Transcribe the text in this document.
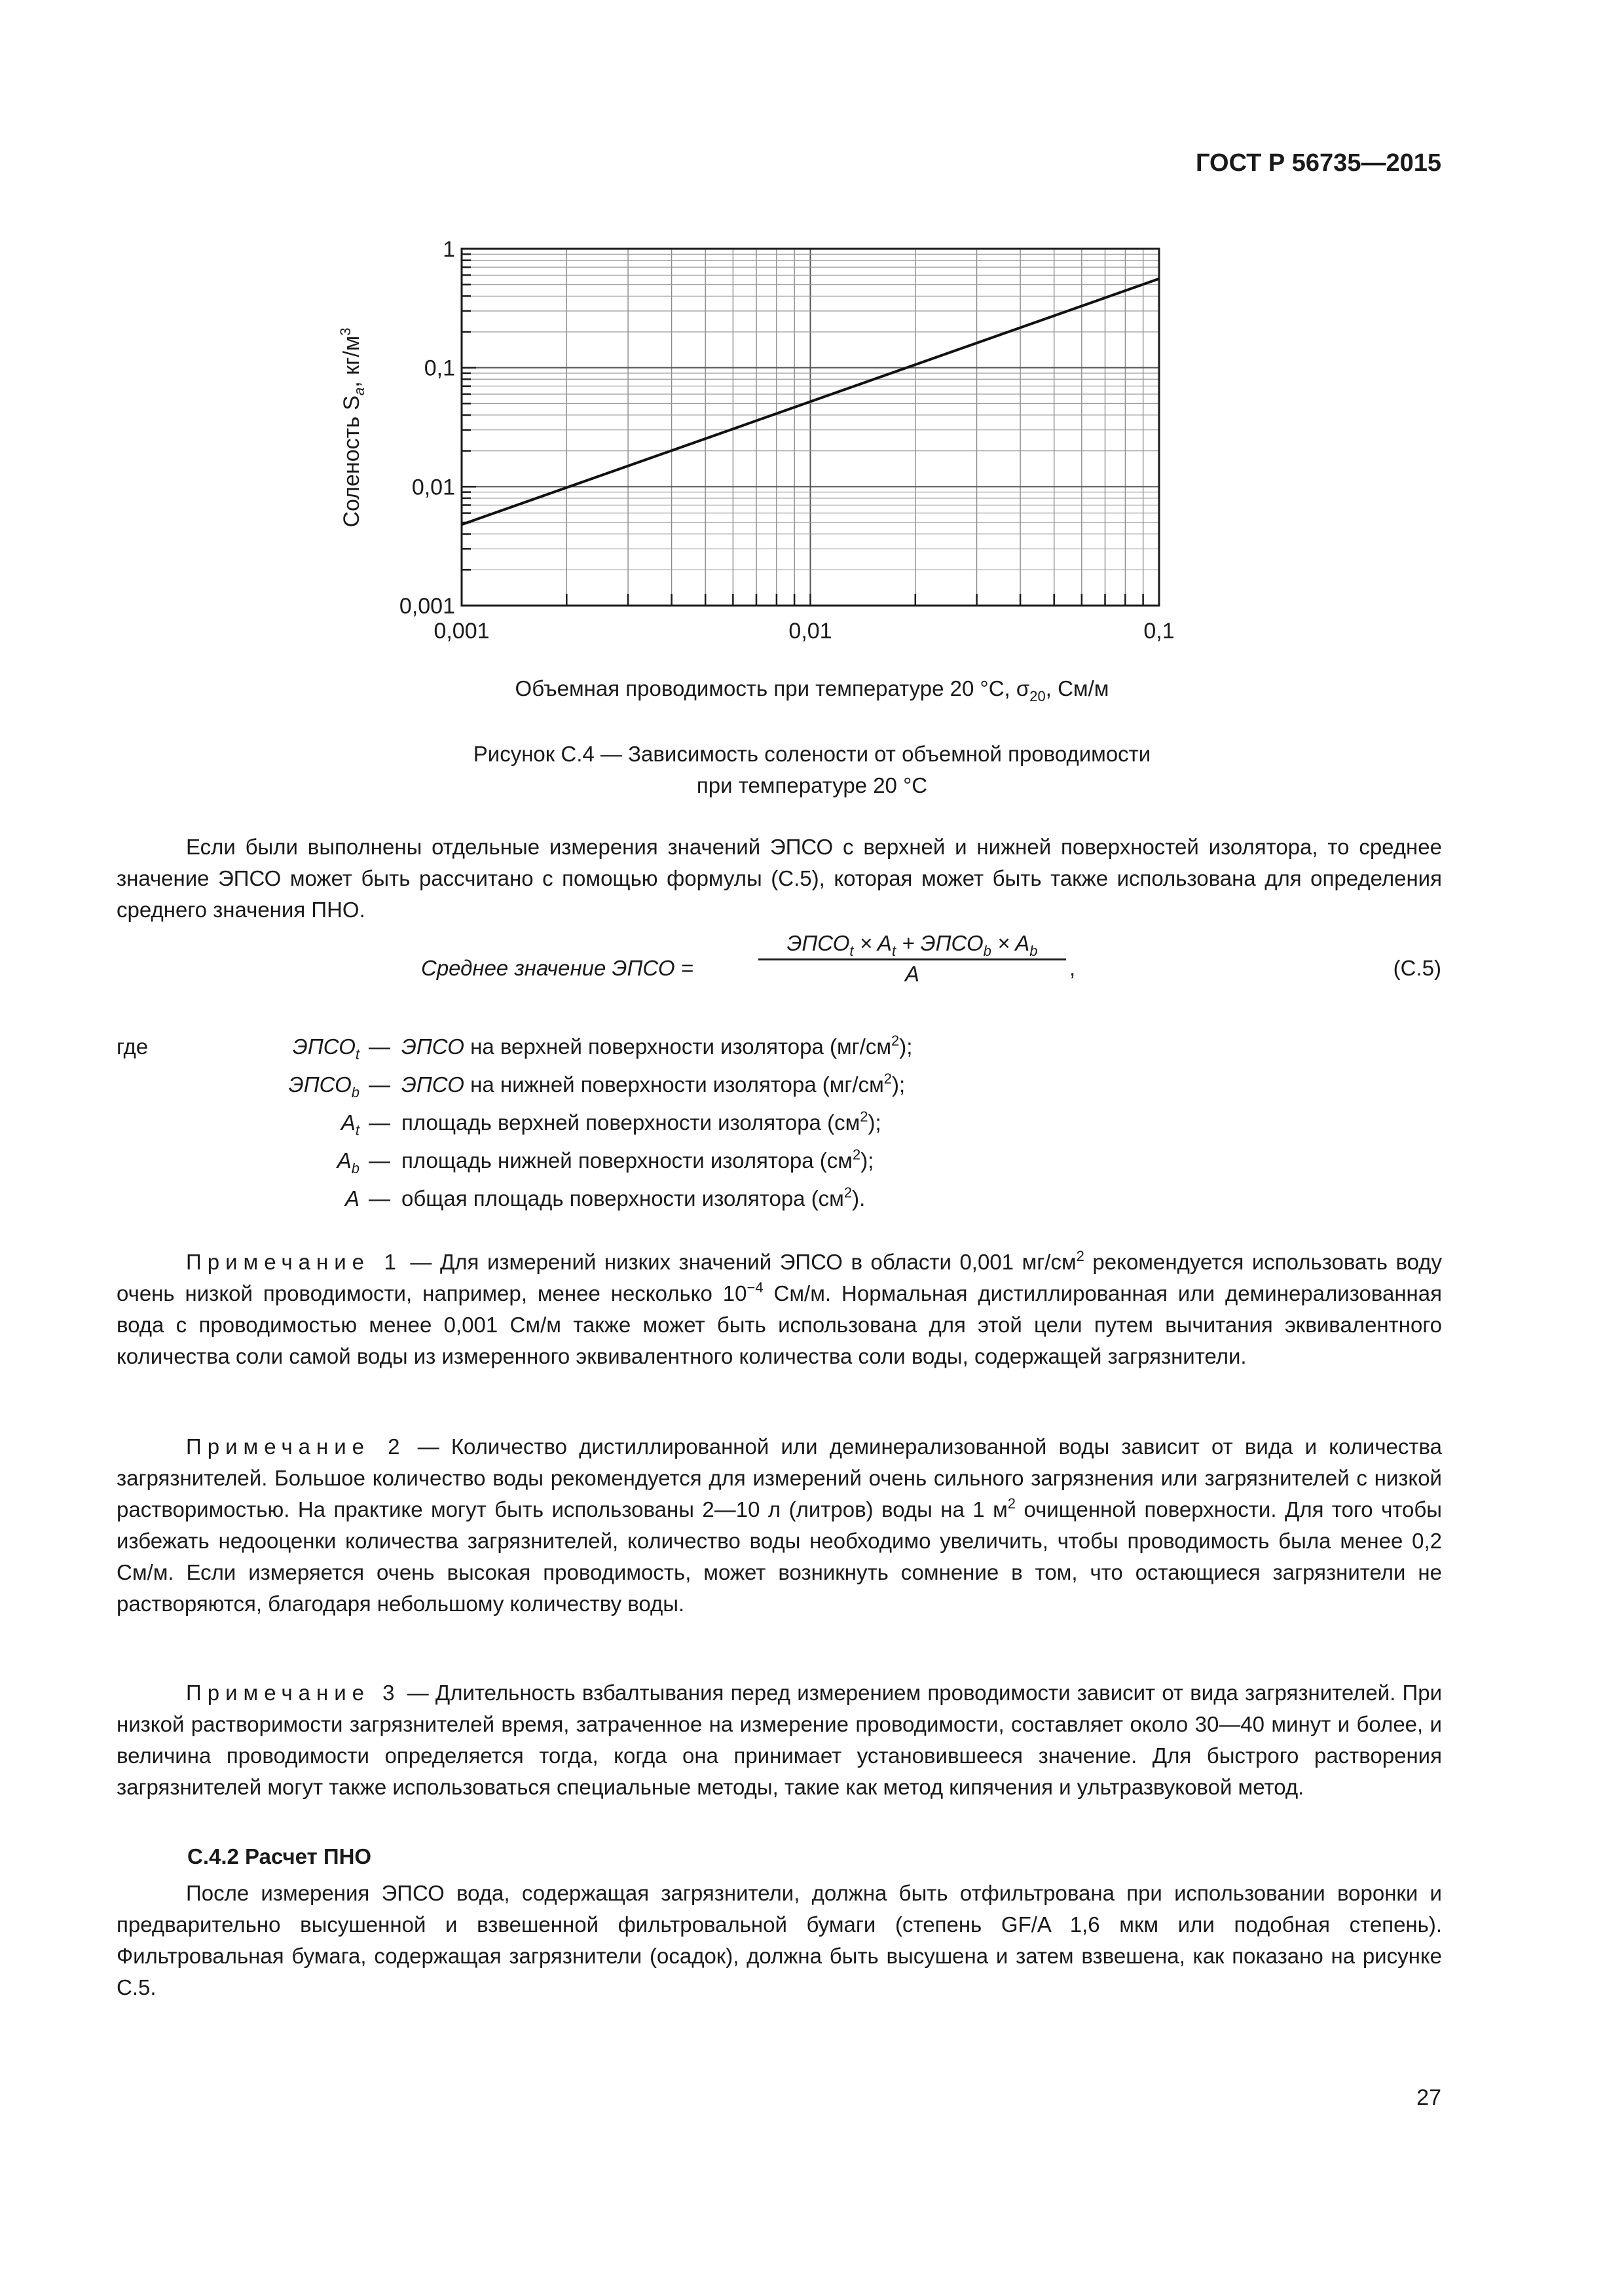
ГОСТ Р 56735—2015
0,001	0,01	0,1
1
0,1
0,01
0,001
Соленость $S_a$, $кг/м^3$
Объемная проводимость при температуре 20 °С, $\sigma_{20}$, См/м
Рисунок С.4 — Зависимость солености от объемной проводимости
при температуре 20 °С

Если были выполнены отдельные измерения значений ЭПСО с верхней и нижней поверхностей изолятора, то среднее значение ЭПСО может быть рассчитано с помощью формулы (С.5), которая может быть также использована для определения среднего значения ПНО.

Среднее значение ЭПСО =
$ЭПСО_t \times A_t$ + $ЭПСО_b \times A_b$
A	,	(С.5)
где	$ЭПСО_t$ — ЭПСО на верхней поверхности изолятора $(мг/см^2)$;
$ЭПСО_b$ — ЭПСО на нижней поверхности изолятора $(мг/см^2)$;
$A_t$ — площадь верхней поверхности изолятора $(см^2)$;
$A_b$ — площадь нижней поверхности изолятора $(см^2)$;
A — общая площадь поверхности изолятора $(см^2)$.

Примечание 1 — Для измерений низких значений ЭПСО в области 0,001 $мг/см^2$ рекомендуется использовать воду очень низкой проводимости, например, менее несколько $10^{-4}$ См/м. Нормальная дистиллированная или деминерализованная вода с проводимостью менее 0,001 См/м также может быть использована для этой цели путем вычитания эквивалентного количества соли самой воды из измеренного эквивалентного количества соли воды, содержащей загрязнители.

Примечание 2 — Количество дистиллированной или деминерализованной воды зависит от вида и количества загрязнителей. Большое количество воды рекомендуется для измерений очень сильного загрязнения или загрязнителей с низкой растворимостью. На практике могут быть использованы 2—10 л (литров) воды на 1 $м^2$ очищенной поверхности. Для того чтобы избежать недооценки количества загрязнителей, количество воды необходимо увеличить, чтобы проводимость была менее 0,2 См/м. Если измеряется очень высокая проводимость, может возникнуть сомнение в том, что остающиеся загрязнители не растворяются, благодаря небольшому количеству воды.

Примечание 3 — Длительность взбалтывания перед измерением проводимости зависит от вида загрязнителей. При низкой растворимости загрязнителей время, затраченное на измерение проводимости, составляет около 30—40 минут и более, и величина проводимости определяется тогда, когда она принимает установившееся значение. Для быстрого растворения загрязнителей могут также использоваться специальные методы, такие как метод кипячения и ультразвуковой метод.

С.4.2 Расчет ПНО

После измерения ЭПСО вода, содержащая загрязнители, должна быть отфильтрована при использовании воронки и предварительно высушенной и взвешенной фильтровальной бумаги (степень GF/A 1,6 мкм или подобная степень). Фильтровальная бумага, содержащая загрязнители (осадок), должна быть высушена и затем взвешена, как показано на рисунке С.5.

27
